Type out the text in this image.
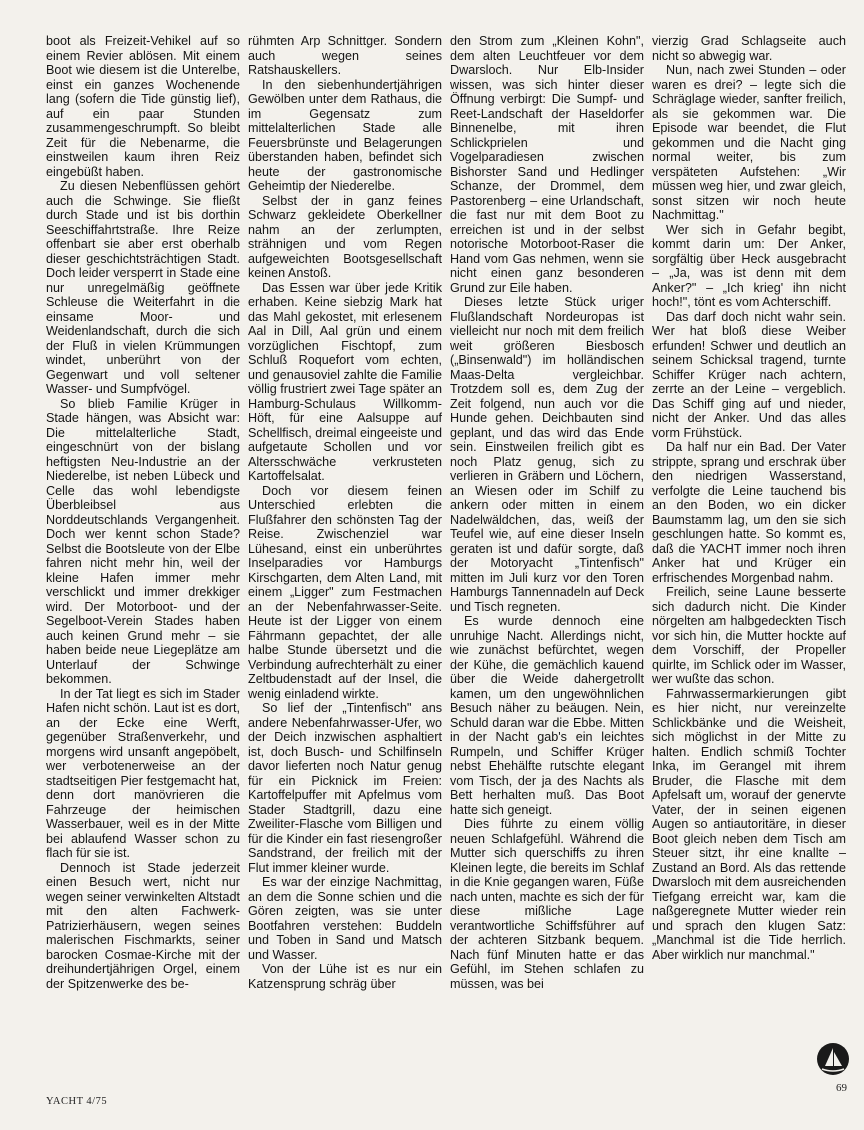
boot als Freizeit-Vehikel auf so einem Revier ablösen. Mit einem Boot wie diesem ist die Unterelbe, einst ein ganzes Wochenende lang (sofern die Tide günstig lief), auf ein paar Stunden zusammengeschrumpft. So bleibt Zeit für die Nebenarme, die einstweilen kaum ihren Reiz eingebüßt haben.

Zu diesen Nebenflüssen gehört auch die Schwinge. Sie fließt durch Stade und ist bis dorthin Seeschiffahrtstraße. Ihre Reize offenbart sie aber erst oberhalb dieser geschichtsträchtigen Stadt. Doch leider versperrt in Stade eine nur unregelmäßig geöffnete Schleuse die Weiterfahrt in die einsame Moor- und Weidenlandschaft, durch die sich der Fluß in vielen Krümmungen windet, unberührt von der Gegenwart und voll seltener Wasser- und Sumpfvögel.

So blieb Familie Krüger in Stade hängen, was Absicht war: Die mittelalterliche Stadt, eingeschnürt von der bislang heftigsten Neu-Industrie an der Niederelbe, ist neben Lübeck und Celle das wohl lebendigste Überbleibsel aus Norddeutschlands Vergangenheit. Doch wer kennt schon Stade? Selbst die Bootsleute von der Elbe fahren nicht mehr hin, weil der kleine Hafen immer mehr verschlickt und immer drekkiger wird. Der Motorboot- und der Segelboot-Verein Stades haben auch keinen Grund mehr – sie haben beide neue Liegeplätze am Unterlauf der Schwinge bekommen.

In der Tat liegt es sich im Stader Hafen nicht schön. Laut ist es dort, an der Ecke eine Werft, gegenüber Straßenverkehr, und morgens wird unsanft angepöbelt, wer verbotenerweise an der stadtseitigen Pier festgemacht hat, denn dort manövrieren die Fahrzeuge der heimischen Wasserbauer, weil es in der Mitte bei ablaufend Wasser schon zu flach für sie ist.

Dennoch ist Stade jederzeit einen Besuch wert, nicht nur wegen seiner verwinkelten Altstadt mit den alten Fachwerk-Patrizierhäusern, wegen seines malerischen Fischmarkts, seiner barocken Cosmae-Kirche mit der dreihundertjährigen Orgel, einem der Spitzenwerke des be-

rühmten Arp Schnittger. Sondern auch wegen seines Ratshauskellers.

In den siebenhundertjährigen Gewölben unter dem Rathaus, die im Gegensatz zum mittelalterlichen Stade alle Feuersbrünste und Belagerungen überstanden haben, befindet sich heute der gastronomische Geheimtip der Niederelbe.

Selbst der in ganz feines Schwarz gekleidete Oberkellner nahm an der zerlumpten, strähnigen und vom Regen aufgeweichten Bootsgesellschaft keinen Anstoß.

Das Essen war über jede Kritik erhaben. Keine siebzig Mark hat das Mahl gekostet, mit erlesenem Aal in Dill, Aal grün und einem vorzüglichen Fischtopf, zum Schluß Roquefort vom echten, und genausoviel zahlte die Familie völlig frustriert zwei Tage später an Hamburg-Schulaus Willkomm-Höft, für eine Aalsuppe auf Schellfisch, dreimal eingeeiste und aufgetaute Schollen und vor Altersschwäche verkrusteten Kartoffelsalat.

Doch vor diesem feinen Unterschied erlebten die Flußfahrer den schönsten Tag der Reise. Zwischenziel war Lühesand, einst ein unberührtes Inselparadies vor Hamburgs Kirschgarten, dem Alten Land, mit einem „Ligger" zum Festmachen an der Nebenfahrwasser-Seite. Heute ist der Ligger von einem Fährmann gepachtet, der alle halbe Stunde übersetzt und die Verbindung aufrechterhält zu einer Zeltbudenstadt auf der Insel, die wenig einladend wirkte.

So lief der „Tintenfisch" ans andere Nebenfahrwasser-Ufer, wo der Deich inzwischen asphaltiert ist, doch Busch- und Schilfinseln davor lieferten noch Natur genug für ein Picknick im Freien: Kartoffelpuffer mit Apfelmus vom Stader Stadtgrill, dazu eine Zweiliter-Flasche vom Billigen und für die Kinder ein fast riesengroßer Sandstrand, der freilich mit der Flut immer kleiner wurde.

Es war der einzige Nachmittag, an dem die Sonne schien und die Gören zeigten, was sie unter Bootfahren verstehen: Buddeln und Toben in Sand und Matsch und Wasser.

Von der Lühe ist es nur ein Katzensprung schräg über

den Strom zum „Kleinen Kohn", dem alten Leuchtfeuer vor dem Dwarsloch. Nur Elb-Insider wissen, was sich hinter dieser Öffnung verbirgt: Die Sumpf- und Reet-Landschaft der Haseldorfer Binnenelbe, mit ihren Schlickprielen und Vogelparadiesen zwischen Bishorster Sand und Hedlinger Schanze, der Drommel, dem Pastorenberg – eine Urlandschaft, die fast nur mit dem Boot zu erreichen ist und in der selbst notorische Motorboot-Raser die Hand vom Gas nehmen, wenn sie nicht einen ganz besonderen Grund zur Eile haben.

Dieses letzte Stück uriger Flußlandschaft Nordeuropas ist vielleicht nur noch mit dem freilich weit größeren Biesbosch („Binsenwald") im holländischen Maas-Delta vergleichbar. Trotzdem soll es, dem Zug der Zeit folgend, nun auch vor die Hunde gehen. Deichbauten sind geplant, und das wird das Ende sein. Einstweilen freilich gibt es noch Platz genug, sich zu verlieren in Gräbern und Löchern, an Wiesen oder im Schilf zu ankern oder mitten in einem Nadelwäldchen, das, weiß der Teufel wie, auf eine dieser Inseln geraten ist und dafür sorgte, daß der Motoryacht „Tintenfisch" mitten im Juli kurz vor den Toren Hamburgs Tannennadeln auf Deck und Tisch regneten.

Es wurde dennoch eine unruhige Nacht. Allerdings nicht, wie zunächst befürchtet, wegen der Kühe, die gemächlich kauend über die Weide dahergetrollt kamen, um den ungewöhnlichen Besuch näher zu beäugen. Nein, Schuld daran war die Ebbe. Mitten in der Nacht gab's ein leichtes Rumpeln, und Schiffer Krüger nebst Ehehälfte rutschte elegant vom Tisch, der ja des Nachts als Bett herhalten muß. Das Boot hatte sich geneigt.

Dies führte zu einem völlig neuen Schlafgefühl. Während die Mutter sich querschiffs zu ihren Kleinen legte, die bereits im Schlaf in die Knie gegangen waren, Füße nach unten, machte es sich der für diese mißliche Lage verantwortliche Schiffsführer auf der achteren Sitzbank bequem. Nach fünf Minuten hatte er das Gefühl, im Stehen schlafen zu müssen, was bei

vierzig Grad Schlagseite auch nicht so abwegig war.

Nun, nach zwei Stunden – oder waren es drei? – legte sich die Schräglage wieder, sanfter freilich, als sie gekommen war. Die Episode war beendet, die Flut gekommen und die Nacht ging normal weiter, bis zum verspäteten Aufstehen: „Wir müssen weg hier, und zwar gleich, sonst sitzen wir noch heute Nachmittag."

Wer sich in Gefahr begibt, kommt darin um: Der Anker, sorgfältig über Heck ausgebracht – „Ja, was ist denn mit dem Anker?" – „Ich krieg' ihn nicht hoch!", tönt es vom Achterschiff.

Das darf doch nicht wahr sein. Wer hat bloß diese Weiber erfunden! Schwer und deutlich an seinem Schicksal tragend, turnte Schiffer Krüger nach achtern, zerrte an der Leine – vergeblich. Das Schiff ging auf und nieder, nicht der Anker. Und das alles vorm Frühstück.

Da half nur ein Bad. Der Vater strippte, sprang und erschrak über den niedrigen Wasserstand, verfolgte die Leine tauchend bis an den Boden, wo ein dicker Baumstamm lag, um den sie sich geschlungen hatte. So kommt es, daß die YACHT immer noch ihren Anker hat und Krüger ein erfrischendes Morgenbad nahm.

Freilich, seine Laune besserte sich dadurch nicht. Die Kinder nörgelten am halbgedeckten Tisch vor sich hin, die Mutter hockte auf dem Vorschiff, der Propeller quirlte, im Schlick oder im Wasser, wer wußte das schon.

Fahrwassermarkierungen gibt es hier nicht, nur vereinzelte Schlickbänke und die Weisheit, sich möglichst in der Mitte zu halten. Endlich schmiß Tochter Inka, im Gerangel mit ihrem Bruder, die Flasche mit dem Apfelsaft um, worauf der genervte Vater, der in seinen eigenen Augen so antiautoritäre, in dieser Boot gleich neben dem Tisch am Steuer sitzt, ihr eine knallte – Zustand an Bord. Als das rettende Dwarsloch mit dem ausreichenden Tiefgang erreicht war, kam die naßgeregnete Mutter wieder rein und sprach den klugen Satz: „Manchmal ist die Tide herrlich. Aber wirklich nur manchmal."

YACHT 4/75
69
